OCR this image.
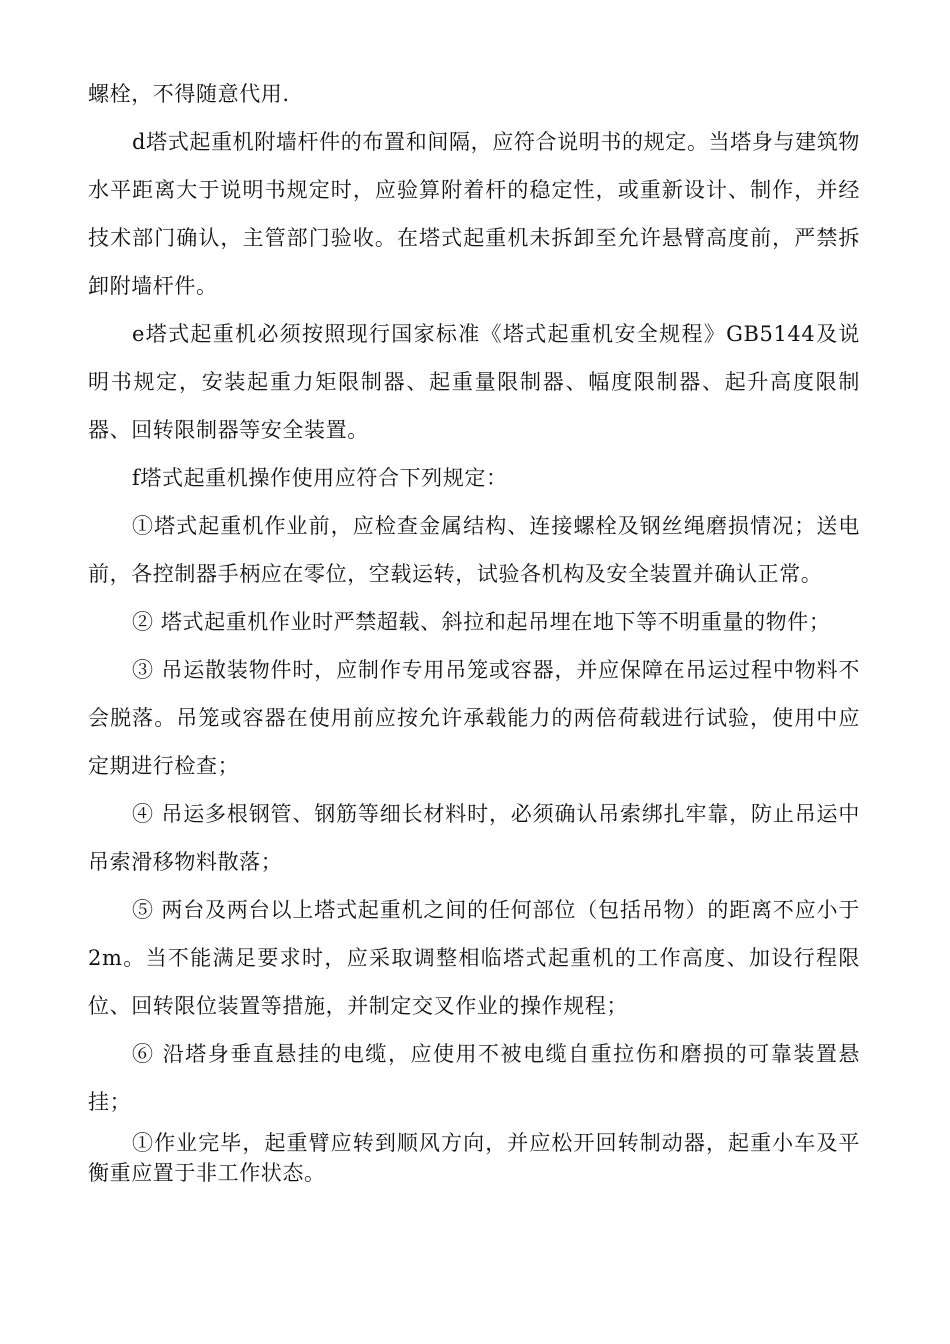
螺栓，不得随意代用.

d塔式起重机附墙杆件的布置和间隔，应符合说明书的规定。当塔身与建筑物水平距离大于说明书规定时，应验算附着杆的稳定性，或重新设计、制作，并经技术部门确认，主管部门验收。在塔式起重机未拆卸至允许悬臂高度前，严禁拆卸附墙杆件。

e塔式起重机必须按照现行国家标准《塔式起重机安全规程》GB5144及说明书规定，安装起重力矩限制器、起重量限制器、幅度限制器、起升高度限制器、回转限制器等安全装置。

f塔式起重机操作使用应符合下列规定：

①塔式起重机作业前，应检查金属结构、连接螺栓及钢丝绳磨损情况；送电前，各控制器手柄应在零位，空载运转，试验各机构及安全装置并确认正常。

② 塔式起重机作业时严禁超载、斜拉和起吊埋在地下等不明重量的物件；

③ 吊运散装物件时，应制作专用吊笼或容器，并应保障在吊运过程中物料不会脱落。吊笼或容器在使用前应按允许承载能力的两倍荷载进行试验，使用中应定期进行检查；

④ 吊运多根钢管、钢筋等细长材料时，必须确认吊索绑扎牢靠，防止吊运中吊索滑移物料散落；

⑤ 两台及两台以上塔式起重机之间的任何部位（包括吊物）的距离不应小于2m。当不能满足要求时，应采取调整相临塔式起重机的工作高度、加设行程限位、回转限位装置等措施，并制定交叉作业的操作规程；

⑥ 沿塔身垂直悬挂的电缆，应使用不被电缆自重拉伤和磨损的可靠装置悬挂；

①作业完毕，起重臂应转到顺风方向，并应松开回转制动器，起重小车及平衡重应置于非工作状态。
